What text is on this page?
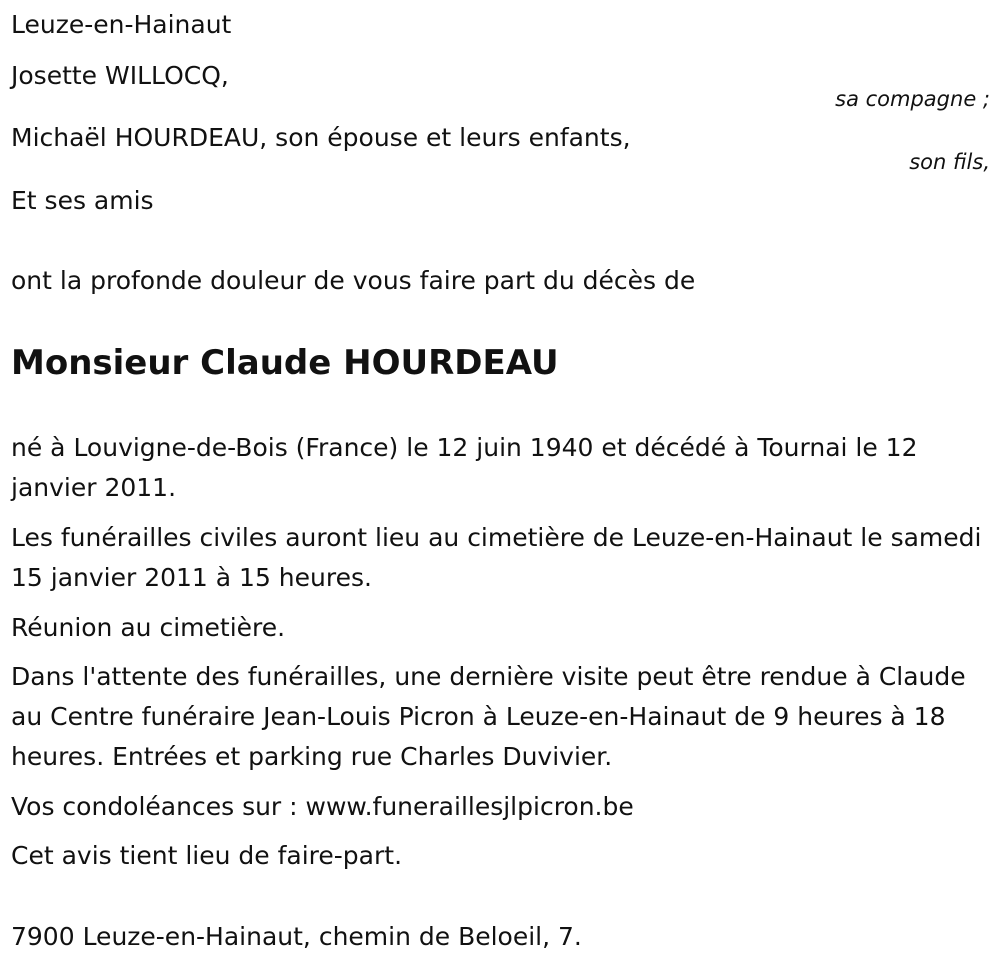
Leuze-en-Hainaut
Josette WILLOCQ,
sa compagne ;
Michaël HOURDEAU, son épouse et leurs enfants,
son fils,
Et ses amis
ont la profonde douleur de vous faire part du décès de
Monsieur Claude HOURDEAU
né à Louvigne-de-Bois (France) le 12 juin 1940 et décédé à Tournai le 12 janvier 2011.
Les funérailles civiles auront lieu au cimetière de Leuze-en-Hainaut le samedi 15 janvier 2011 à 15 heures.
Réunion au cimetière.
Dans l'attente des funérailles, une dernière visite peut être rendue à Claude au Centre funéraire Jean-Louis Picron à Leuze-en-Hainaut de 9 heures à 18 heures. Entrées et parking rue Charles Duvivier.
Vos condoléances sur : www.funeraillesjlpicron.be
Cet avis tient lieu de faire-part.
7900 Leuze-en-Hainaut, chemin de Beloeil, 7.
